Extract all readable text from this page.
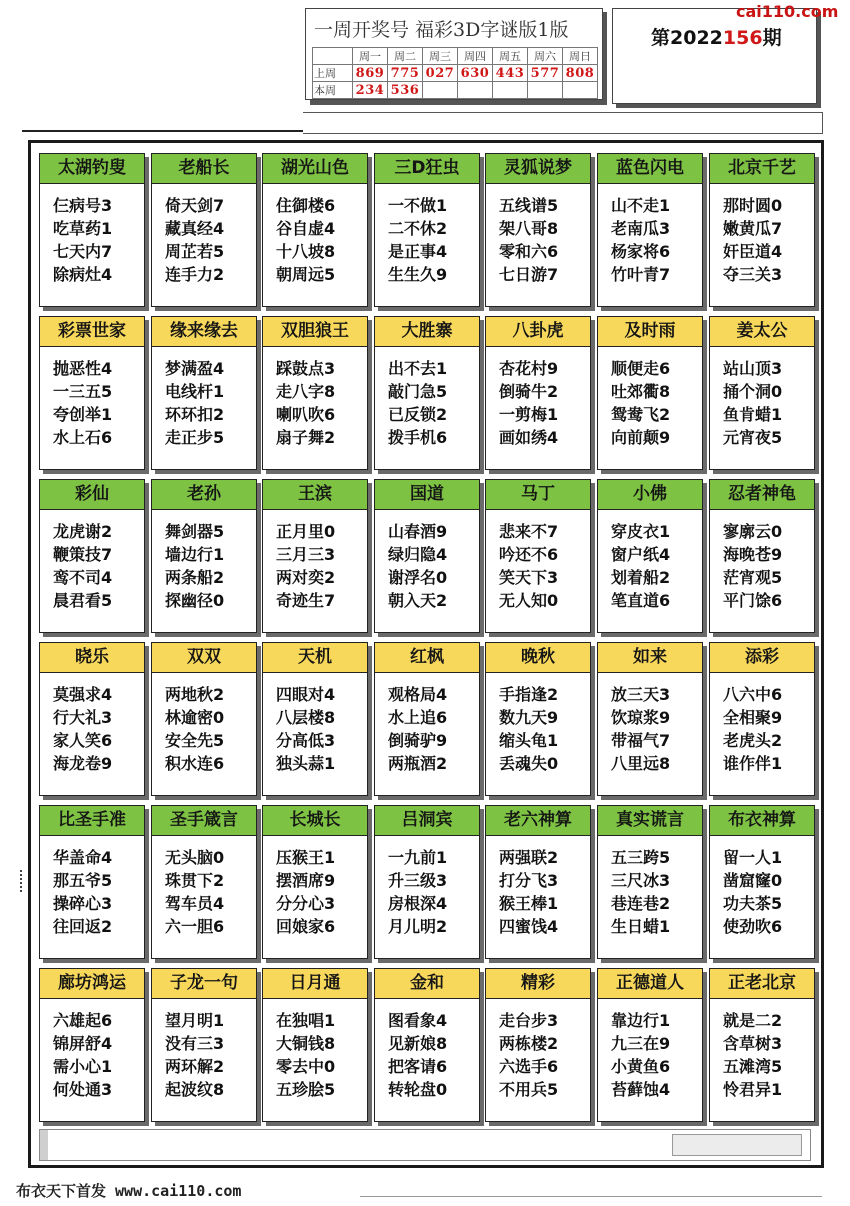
一周开奖号 福彩3D字谜版1版
	周一	周二	周三	周四	周五	周六	周日
上周	869	775	027	630	443	577	808
本周	234	536					
第2022156期
cai110.com
太湖钓叟
仨病号3
吃草药1
七天内7
除病灶4
老船长
倚天剑7
藏真经4
周芷若5
连手力2
湖光山色
住御楼6
谷自虚4
十八坡8
朝周远5
三D狂虫
一不做1
二不休2
是正事4
生生久9
灵狐说梦
五线谱5
架八哥8
零和六6
七日游7
蓝色闪电
山不走1
老南瓜3
杨家将6
竹叶青7
北京千艺
那时圆0
嫩黄瓜7
奸臣道4
夺三关3
彩票世家
抛恶性4
一三五5
夸创举1
水上石6
缘来缘去
梦满盈4
电线杆1
环环扣2
走正步5
双胆狼王
踩鼓点3
走八字8
喇叭吹6
扇子舞2
大胜寨
出不去1
敲门急5
已反锁2
拨手机6
八卦虎
杏花村9
倒骑牛2
一剪梅1
画如绣4
及时雨
顺便走6
吐郊衢8
鸳鸯飞2
向前颠9
姜太公
站山顶3
捅个洞0
鱼肯蜡1
元宵夜5
彩仙
龙虎谢2
鞭策技7
鸾不司4
晨君看5
老孙
舞剑器5
墙边行1
两条船2
探幽径0
王滨
正月里0
三月三3
两对奕2
奇迹生7
国道
山春酒9
绿归隐4
谢浮名0
朝入天2
马丁
悲来不7
吟还不6
笑天下3
无人知0
小佛
穿皮衣1
窗户纸4
划着船2
笔直道6
忍者神龟
寥廓云0
海晚苍9
茫宵观5
平门馀6
晓乐
莫强求4
行大礼3
家人笑6
海龙卷9
双双
两地秋2
林逾密0
安全先5
积水连6
天机
四眼对4
八层楼8
分高低3
独头蒜1
红枫
观格局4
水上追6
倒骑驴9
两瓶酒2
晚秋
手指逢2
数九天9
缩头龟1
丢魂失0
如来
放三天3
饮琼浆9
带福气7
八里远8
添彩
八六中6
全相聚9
老虎头2
谁作伴1
比圣手准
华盖命4
那五爷5
操碎心3
往回返2
圣手箴言
无头脑0
珠贯下2
驾车员4
六一胆6
长城长
压猴王1
摆酒席9
分分心3
回娘家6
吕洞宾
一九前1
升三级3
房根深4
月儿明2
老六神算
两强联2
打分飞3
猴王棒1
四蜜饯4
真实谎言
五三跨5
三尺冰3
巷连巷2
生日蜡1
布衣神算
留一人1
凿窟窿0
功夫茶5
使劲吹6
廊坊鸿运
六雄起6
锦屏舒4
需小心1
何处通3
子龙一句
望月明1
没有三3
两环解2
起波纹8
日月通
在独唱1
大铜钱8
零去中0
五珍脍5
金和
图看象4
见新娘8
把客请6
转轮盘0
精彩
走台步3
两栋楼2
六选手6
不用兵5
正德道人
靠边行1
九三在9
小黄鱼6
苔藓蚀4
正老北京
就是二2
含草树3
五滩湾5
怜君异1
布衣天下首发 www.cai110.com
